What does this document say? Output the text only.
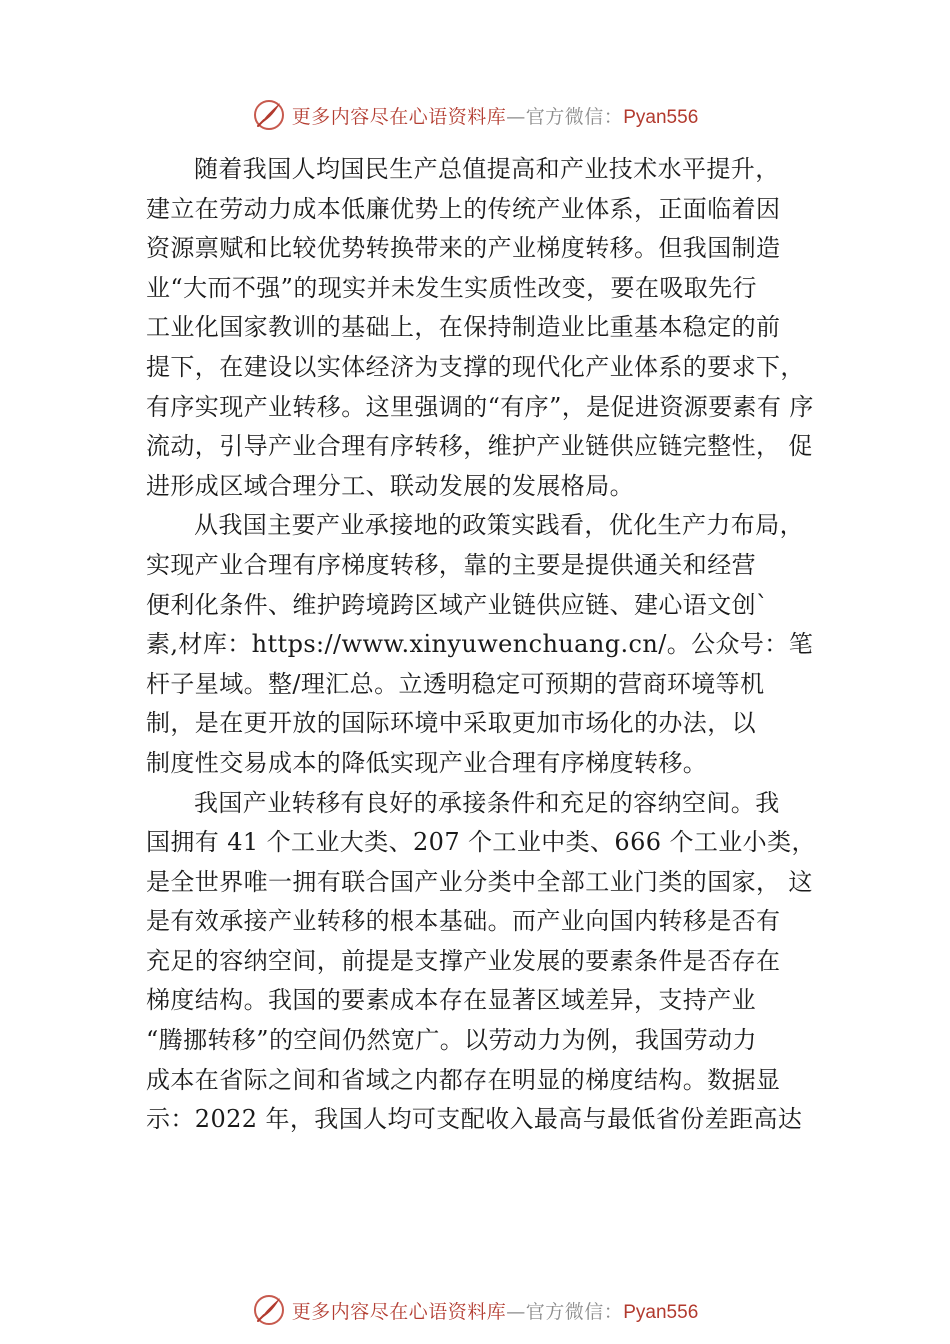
更多内容尽在心语资料库—官方微信：Pyan556
随着我国人均国民生产总值提高和产业技术水平提升，
建立在劳动力成本低廉优势上的传统产业体系，正面临着因
资源禀赋和比较优势转换带来的产业梯度转移。但我国制造
业“大而不强”的现实并未发生实质性改变，要在吸取先行
工业化国家教训的基础上，在保持制造业比重基本稳定的前
提下，在建设以实体经济为支撑的现代化产业体系的要求下，
有序实现产业转移。这里强调的“有序”，是促进资源要素有 序
流动，引导产业合理有序转移，维护产业链供应链完整性， 促
进形成区域合理分工、联动发展的发展格局。
从我国主要产业承接地的政策实践看，优化生产力布局，
实现产业合理有序梯度转移，靠的主要是提供通关和经营
便利化条件、维护跨境跨区域产业链供应链、建心语文创`
素,材库：https://www.xinyuwenchuang.cn/。公众号：笔
杆子星域。整/理汇总。立透明稳定可预期的营商环境等机
制，是在更开放的国际环境中采取更加市场化的办法，以
制度性交易成本的降低实现产业合理有序梯度转移。
我国产业转移有良好的承接条件和充足的容纳空间。我
国拥有 41 个工业大类、207 个工业中类、666 个工业小类，
是全世界唯一拥有联合国产业分类中全部工业门类的国家， 这
是有效承接产业转移的根本基础。而产业向国内转移是否有
充足的容纳空间，前提是支撑产业发展的要素条件是否存在
梯度结构。我国的要素成本存在显著区域差异，支持产业
“腾挪转移”的空间仍然宽广。以劳动力为例，我国劳动力
成本在省际之间和省域之内都存在明显的梯度结构。数据显
示：2022 年，我国人均可支配收入最高与最低省份差距高达
更多内容尽在心语资料库—官方微信：Pyan556
